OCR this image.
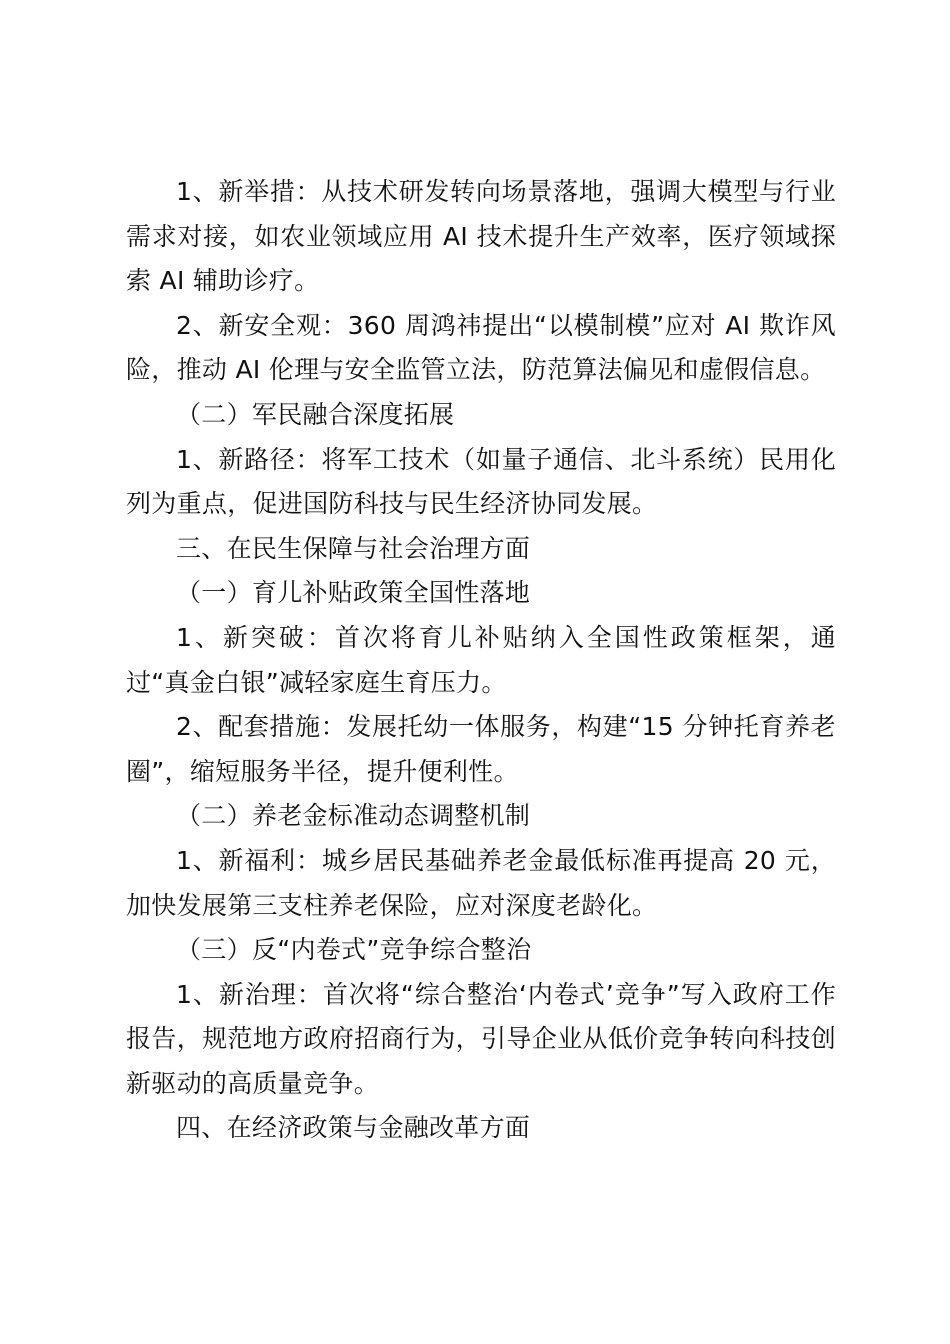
1、新举措：从技术研发转向场景落地，强调大模型与行业需求对接，如农业领域应用 AI 技术提升生产效率，医疗领域探索 AI 辅助诊疗。

2、新安全观：360 周鸿祎提出“以模制模”应对 AI 欺诈风险，推动 AI 伦理与安全监管立法，防范算法偏见和虚假信息。

（二）军民融合深度拓展

1、新路径：将军工技术（如量子通信、北斗系统）民用化列为重点，促进国防科技与民生经济协同发展。

三、在民生保障与社会治理方面

（一）育儿补贴政策全国性落地

1、新突破：首次将育儿补贴纳入全国性政策框架，通过“真金白银”减轻家庭生育压力。

2、配套措施：发展托幼一体服务，构建“15 分钟托育养老圈”，缩短服务半径，提升便利性。

（二）养老金标准动态调整机制

1、新福利：城乡居民基础养老金最低标准再提高 20 元，加快发展第三支柱养老保险，应对深度老龄化。

（三）反“内卷式”竞争综合整治

1、新治理：首次将“综合整治‘内卷式’竞争”写入政府工作报告，规范地方政府招商行为，引导企业从低价竞争转向科技创新驱动的高质量竞争。

四、在经济政策与金融改革方面
